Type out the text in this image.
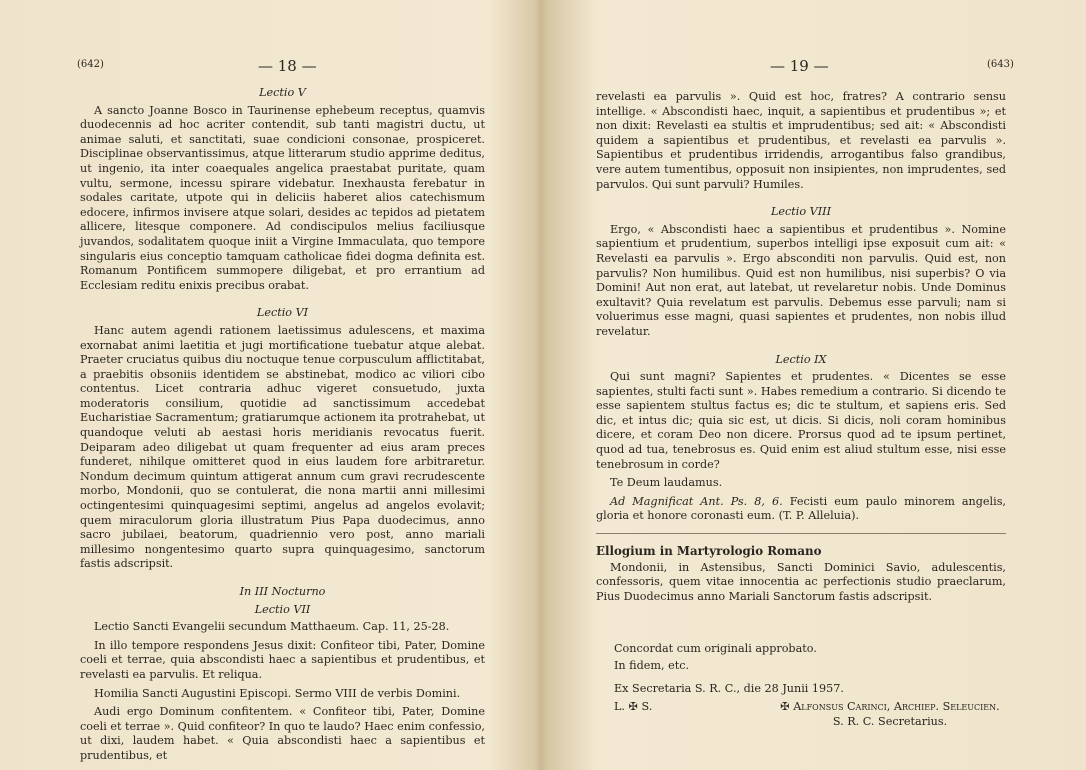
(642)	— 18 —
Lectio V

A sancto Joanne Bosco in Taurinense ephebeum receptus, quamvis duodecennis ad hoc acriter contendit, sub tanti magistri ductu, ut animae saluti, et sanctitati, suae condicioni consonae, prospiceret. Disciplinae observantissimus, atque litterarum studio apprime deditus, ut ingenio, ita inter coaequales angelica praestabat puritate, quam vultu, sermone, incessu spirare videbatur. Inexhausta ferebatur in sodales caritate, utpote qui in deliciis haberet alios catechismum edocere, infirmos invisere atque solari, desides ac tepidos ad pietatem allicere, litesque componere. Ad condiscipulos melius faciliusque juvandos, sodalitatem quoque iniit a Virgine Immaculata, quo tempore singularis eius conceptio tamquam catholicae fidei dogma definita est. Romanum Pontificem summopere diligebat, et pro errantium ad Ecclesiam reditu enixis precibus orabat.

Lectio VI

Hanc autem agendi rationem laetissimus adulescens, et maxima exornabat animi laetitia et jugi mortificatione tuebatur atque alebat. Praeter cruciatus quibus diu noctuque tenue corpusculum afflictitabat, a praebitis obsoniis identidem se abstinebat, modico ac viliori cibo contentus. Licet contraria adhuc vigeret consuetudo, juxta moderatoris consilium, quotidie ad sanctissimum accedebat Eucharistiae Sacramentum; gratiarumque actionem ita protrahebat, ut quandoque veluti ab aestasi horis meridianis revocatus fuerit. Deiparam adeo diligebat ut quam frequenter ad eius aram preces funderet, nihilque omitteret quod in eius laudem fore arbitraretur. Nondum decimum quintum attigerat annum cum gravi recrudescente morbo, Mondonii, quo se contulerat, die nona martii anni millesimi octingentesimi quinquagesimi septimi, angelus ad angelos evolavit; quem miraculorum gloria illustratum Pius Papa duodecimus, anno sacro jubilaei, beatorum, quadriennio vero post, anno mariali millesimo nongentesimo quarto supra quinquagesimo, sanctorum fastis adscripsit.

In III Nocturno
Lectio VII

Lectio Sancti Evangelii secundum Matthaeum. Cap. 11, 25-28.

In illo tempore respondens Jesus dixit: Confiteor tibi, Pater, Domine coeli et terrae, quia abscondisti haec a sapientibus et prudentibus, et revelasti ea parvulis. Et reliqua.

Homilia Sancti Augustini Episcopi. Sermo VIII de verbis Domini.

Audi ergo Dominum confitentem. « Confiteor tibi, Pater, Domine coeli et terrae ». Quid confiteor? In quo te laudo? Haec enim confessio, ut dixi, laudem habet. « Quia abscondisti haec a sapientibus et prudentibus, et

— 19 —	(643)

revelasti ea parvulis ». Quid est hoc, fratres? A contrario sensu intellige. « Abscondisti haec, inquit, a sapientibus et prudentibus »; et non dixit: Revelasti ea stultis et imprudentibus; sed ait: « Abscondisti quidem a sapientibus et prudentibus, et revelasti ea parvulis ». Sapientibus et prudentibus irridendis, arrogantibus falso grandibus, vere autem tumentibus, opposuit non insipientes, non imprudentes, sed parvulos. Qui sunt parvuli? Humiles.

Lectio VIII

Ergo, « Abscondisti haec a sapientibus et prudentibus ». Nomine sapientium et prudentium, superbos intelligi ipse exposuit cum ait: « Revelasti ea parvulis ». Ergo absconditi non parvulis. Quid est, non parvulis? Non humilibus. Quid est non humilibus, nisi superbis? O via Domini! Aut non erat, aut latebat, ut revelaretur nobis. Unde Dominus exultavit? Quia revelatum est parvulis. Debemus esse parvuli; nam si voluerimus esse magni, quasi sapientes et prudentes, non nobis illud revelatur.

Lectio IX

Qui sunt magni? Sapientes et prudentes. « Dicentes se esse sapientes, stulti facti sunt ». Habes remedium a contrario. Si dicendo te esse sapientem stultus factus es; dic te stultum, et sapiens eris. Sed dic, et intus dic; quia sic est, ut dicis. Si dicis, noli coram hominibus dicere, et coram Deo non dicere. Prorsus quod ad te ipsum pertinet, quod ad tua, tenebrosus es. Quid enim est aliud stultum esse, nisi esse tenebrosum in corde?

Te Deum laudamus.

Ad Magnificat Ant. Ps. 8, 6. Fecisti eum paulo minorem angelis, gloria et honore coronasti eum. (T. P. Alleluia).

Ellogium in Martyrologio Romano

Mondonii, in Astensibus, Sancti Dominici Savio, adulescentis, confessoris, quem vitae innocentia ac perfectionis studio praeclarum, Pius Duodecimus anno Mariali Sanctorum fastis adscripsit.

Concordat cum originali approbato.

In fidem, etc.

Ex Secretaria S. R. C., die 28 Junii 1957.

L. ✠ S.	✠ Alfonsus Carinci, Archiep. Seleucien.
S. R. C. Secretarius.
